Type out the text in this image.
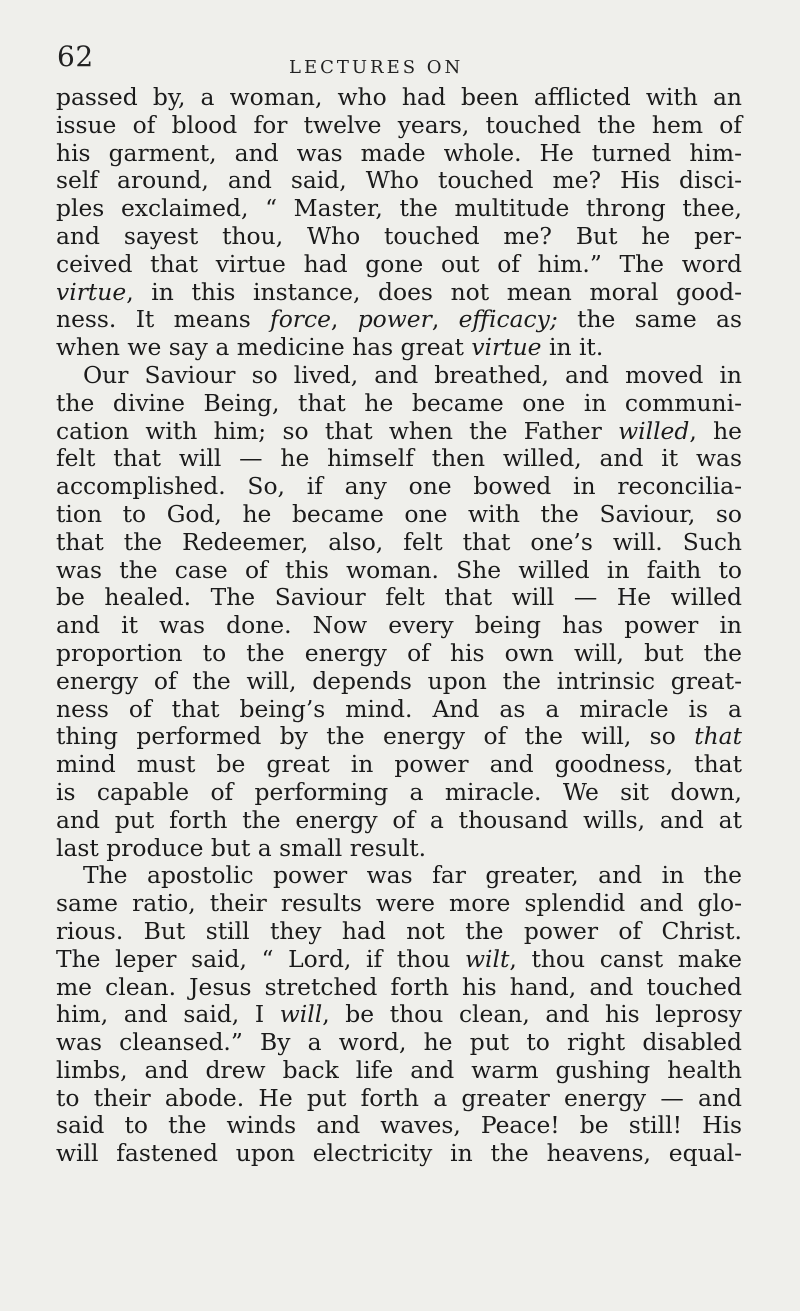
62	LECTURES ON
passed by, a woman, who had been afflicted with an
issue of blood for twelve years, touched the hem of
his garment, and was made whole. He turned him-
self around, and said, Who touched me? His disci-
ples exclaimed, “ Master, the multitude throng thee,
and sayest thou, Who touched me? But he per-
ceived that virtue had gone out of him.” The word
virtue, in this instance, does not mean moral good-
ness. It means force, power, efficacy; the same as
when we say a medicine has great virtue in it.
Our Saviour so lived, and breathed, and moved in
the divine Being, that he became one in communi-
cation with him; so that when the Father willed, he
felt that will — he himself then willed, and it was
accomplished. So, if any one bowed in reconcilia-
tion to God, he became one with the Saviour, so
that the Redeemer, also, felt that one’s will. Such
was the case of this woman. She willed in faith to
be healed. The Saviour felt that will — He willed
and it was done. Now every being has power in
proportion to the energy of his own will, but the
energy of the will, depends upon the intrinsic great-
ness of that being’s mind. And as a miracle is a
thing performed by the energy of the will, so that
mind must be great in power and goodness, that
is capable of performing a miracle. We sit down,
and put forth the energy of a thousand wills, and at
last produce but a small result.
The apostolic power was far greater, and in the
same ratio, their results were more splendid and glo-
rious. But still they had not the power of Christ.
The leper said, “ Lord, if thou wilt, thou canst make
me clean. Jesus stretched forth his hand, and touched
him, and said, I will, be thou clean, and his leprosy
was cleansed.” By a word, he put to right disabled
limbs, and drew back life and warm gushing health
to their abode. He put forth a greater energy — and
said to the winds and waves, Peace! be still! His
will fastened upon electricity in the heavens, equal-
